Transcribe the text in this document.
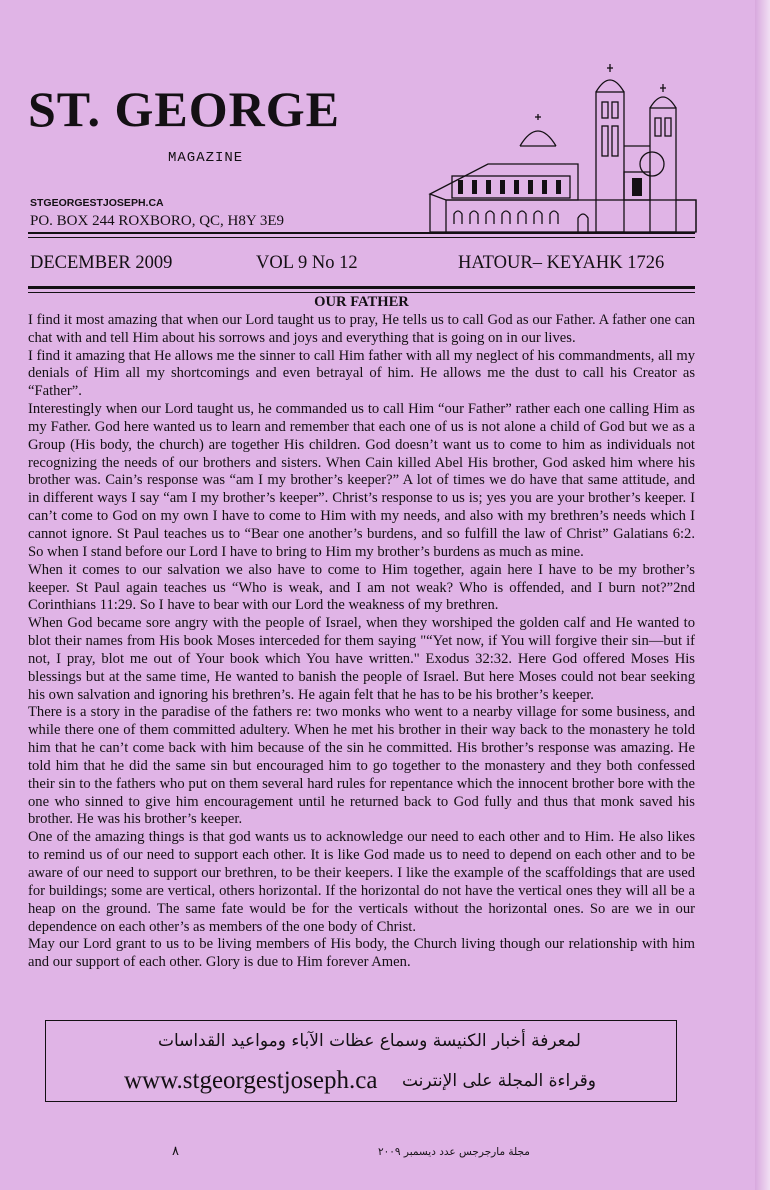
ST. GEORGE
MAGAZINE
STGEORGESTJOSEPH.CA
PO. BOX 244 ROXBORO, QC, H8Y 3E9
DECEMBER 2009	VOL 9 No 12	HATOUR– KEYAHK 1726
OUR FATHER

I find it most amazing that when our Lord taught us to pray, He tells us to call God as our Father. A father one can chat with and tell Him about his sorrows and joys and everything that is going on in our lives.

I find it amazing that He allows me the sinner to call Him father with all my neglect of his commandments, all my denials of Him all my shortcomings and even betrayal of him. He allows me the dust to call his Creator as “Father”.

Interestingly when our Lord taught us, he commanded us to call Him “our Father” rather each one calling Him as my Father. God here wanted us to learn and remember that each one of us is not alone a child of God but we as a Group (His body, the church) are together His children. God doesn’t want us to come to him as individuals not recognizing the needs of our brothers and sisters. When Cain killed Abel His brother, God asked him where his brother was. Cain’s response was “am I my brother’s keeper?” A lot of times we do have that same attitude, and in different ways I say “am I my brother’s keeper”. Christ’s response to us is; yes you are your brother’s keeper. I can’t come to God on my own I have to come to Him with my needs, and also with my brethren’s needs which I cannot ignore. St Paul teaches us to “Bear one another’s burdens, and so fulfill the law of Christ” Galatians 6:2. So when I stand before our Lord I have to bring to Him my brother’s burdens as much as mine.

When it comes to our salvation we also have to come to Him together, again here I have to be my brother’s keeper. St Paul again teaches us “Who is weak, and I am not weak? Who is offended, and I burn not?”2nd Corinthians 11:29. So I have to bear with our Lord the weakness of my brethren.

When God became sore angry with the people of Israel, when they worshiped the golden calf and He wanted to blot their names from His book Moses interceded for them saying "“Yet now, if You will forgive their sin—but if not, I pray, blot me out of Your book which You have written." Exodus 32:32. Here God offered Moses His blessings but at the same time, He wanted to banish the people of Israel. But here Moses could not bear seeking his own salvation and ignoring his brethren’s. He again felt that he has to be his brother’s keeper.

There is a story in the paradise of the fathers re: two monks who went to a nearby village for some business, and while there one of them committed adultery. When he met his brother in their way back to the monastery he told him that he can’t come back with him because of the sin he committed. His brother’s response was amazing. He told him that he did the same sin but encouraged him to go together to the monastery and they both confessed their sin to the fathers who put on them several hard rules for repentance which the innocent brother bore with the one who sinned to give him encouragement until he returned back to God fully and thus that monk saved his brother. He was his brother’s keeper.

One of the amazing things is that god wants us to acknowledge our need to each other and to Him. He also likes to remind us of our need to support each other. It is like God made us to need to depend on each other and to be aware of our need to support our brethren, to be their keepers. I like the example of the scaffoldings that are used for buildings; some are vertical, others horizontal. If the horizontal do not have the vertical ones they will all be a heap on the ground. The same fate would be for the verticals without the horizontal ones. So are we in our dependence on each other’s as members of the one body of Christ.

May our Lord grant to us to be living members of His body, the Church living though our relationship with him and our support of each other. Glory is due to Him forever Amen.

لمعرفة أخبار الكنيسة وسماع عظات الآباء ومواعيد القداسات
www.stgeorgestjoseph.ca وقراءة المجلة على الإنترنت
٨	مجلة مارجرجس عدد ديسمبر ٢٠٠٩
